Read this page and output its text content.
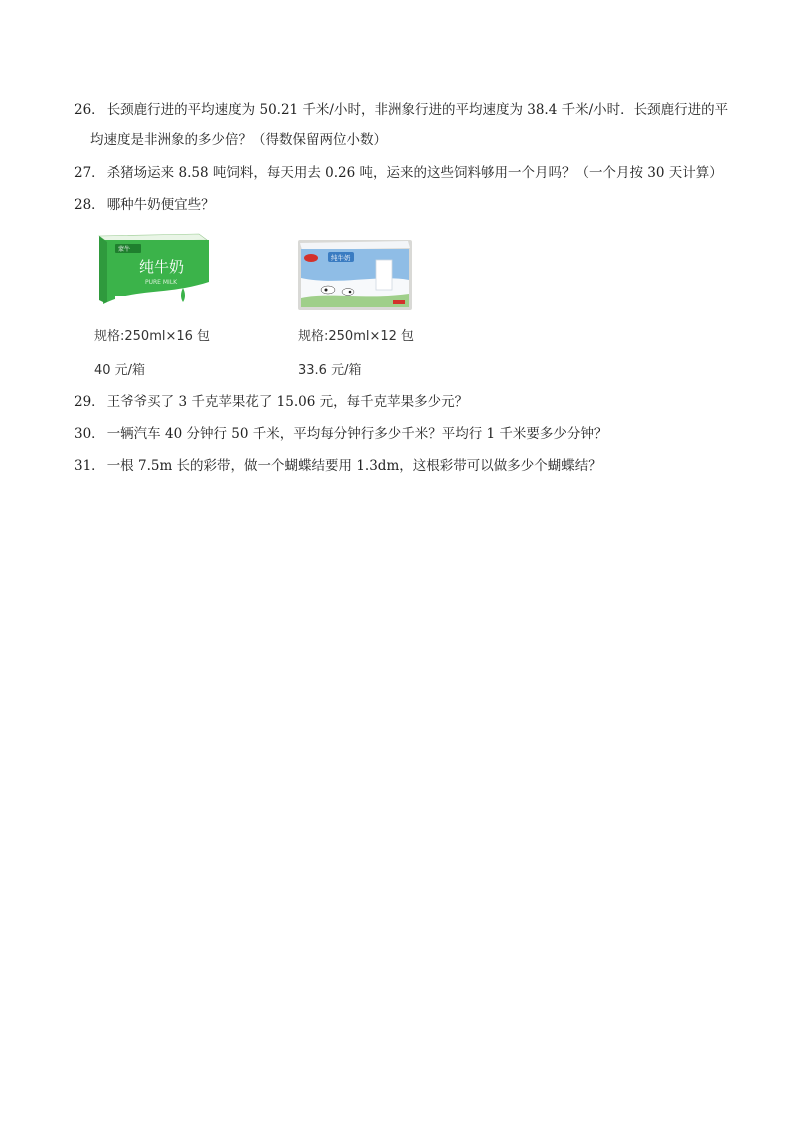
26． 长颈鹿行进的平均速度为 50.21 千米/小时，非洲象行进的平均速度为 38.4 千米/小时．长颈鹿行进的平
均速度是非洲象的多少倍？（得数保留两位小数）
27． 杀猪场运来 8.58 吨饲料，每天用去 0.26 吨，运来的这些饲料够用一个月吗？（一个月按 30 天计算）
28． 哪种牛奶便宜些？
蒙牛
纯牛奶
PURE MILK
规格:250ml×16 包
40 元/箱
纯牛奶
规格:250ml×12 包
33.6 元/箱
29． 王爷爷买了 3 千克苹果花了 15.06 元，每千克苹果多少元？
30． 一辆汽车 40 分钟行 50 千米，平均每分钟行多少千米？平均行 1 千米要多少分钟？
31． 一根 7.5m 长的彩带，做一个蝴蝶结要用 1.3dm，这根彩带可以做多少个蝴蝶结？
